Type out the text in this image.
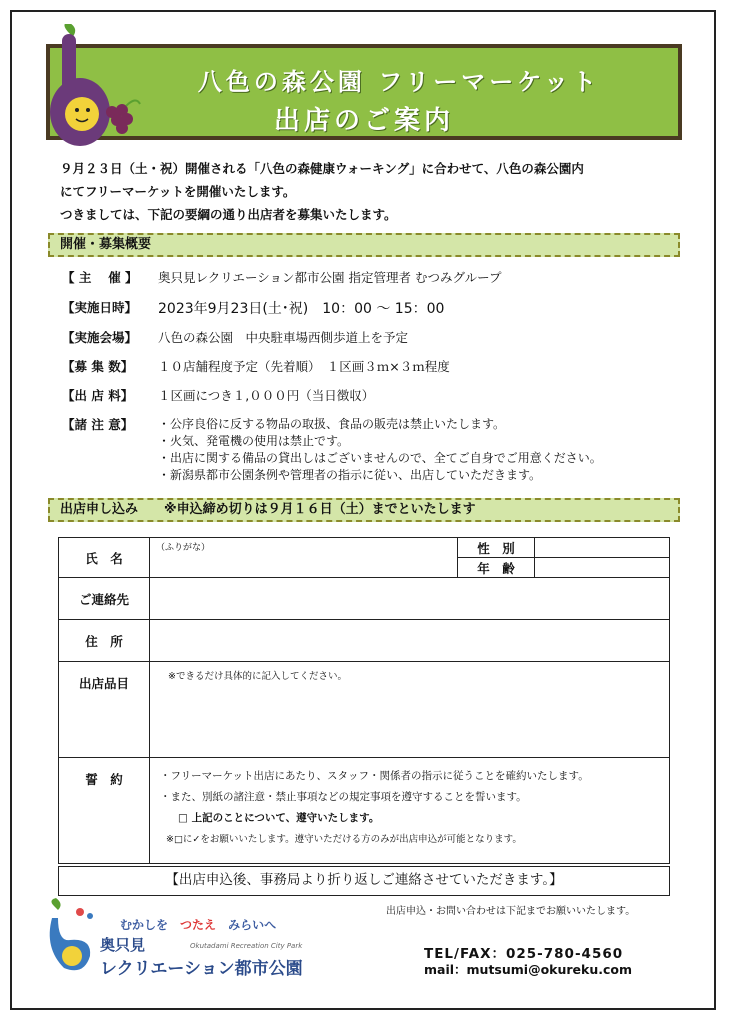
八色の森公園 フリーマーケット
出店のご案内
９月２３日（土・祝）開催される「八色の森健康ウォーキング」に合わせて、八色の森公園内
にてフリーマーケットを開催いたします。
つきましては、下記の要綱の通り出店者を募集いたします。
開催・募集概要
【 主 　催 】 奥只見レクリエーション都市公園 指定管理者 むつみグループ
【実施日時】 2023年9月23日(土･祝)　10：00 ～ 15：00
【実施会場】 八色の森公園　中央駐車場西側歩道上を予定
【募 集 数】 １０店舗程度予定（先着順）　１区画３ｍ×３ｍ程度
【出 店 料】 １区画につき１,０００円（当日徴収）
【諸 注 意】 ・公序良俗に反する物品の取扱、食品の販売は禁止いたします。
・火気、発電機の使用は禁止です。
・出店に関する備品の貸出しはございませんので、全てご自身でご用意ください。
・新潟県都市公園条例や管理者の指示に従い、出店していただきます。
出店申し込み　　※申込締め切りは９月１６日（土）までといたします
氏　名	（ふりがな）	性　別	
		年　齢	
ご連絡先			
住　所			
出店品目	※できるだけ具体的に記入してください。		
誓　約	・フリーマーケット出店にあたり、スタッフ・関係者の指示に従うことを確約いたします。
・また、別紙の諸注意・禁止事項などの規定事項を遵守することを誓います。
□ 上記のことについて、遵守いたします。
※□に✓をお願いいたします。遵守いただける方のみが出店申込が可能となります。		
【出店申込後、事務局より折り返しご連絡させていただきます。】
出店申込・お問い合わせは下記までお願いいたします。
むかしを　 つたえ　 みらいへ
Okutadami Recreation City Park
奥只見
レクリエーション都市公園
TEL/FAX：025-780-4560
mail：mutsumi@okureku.com
